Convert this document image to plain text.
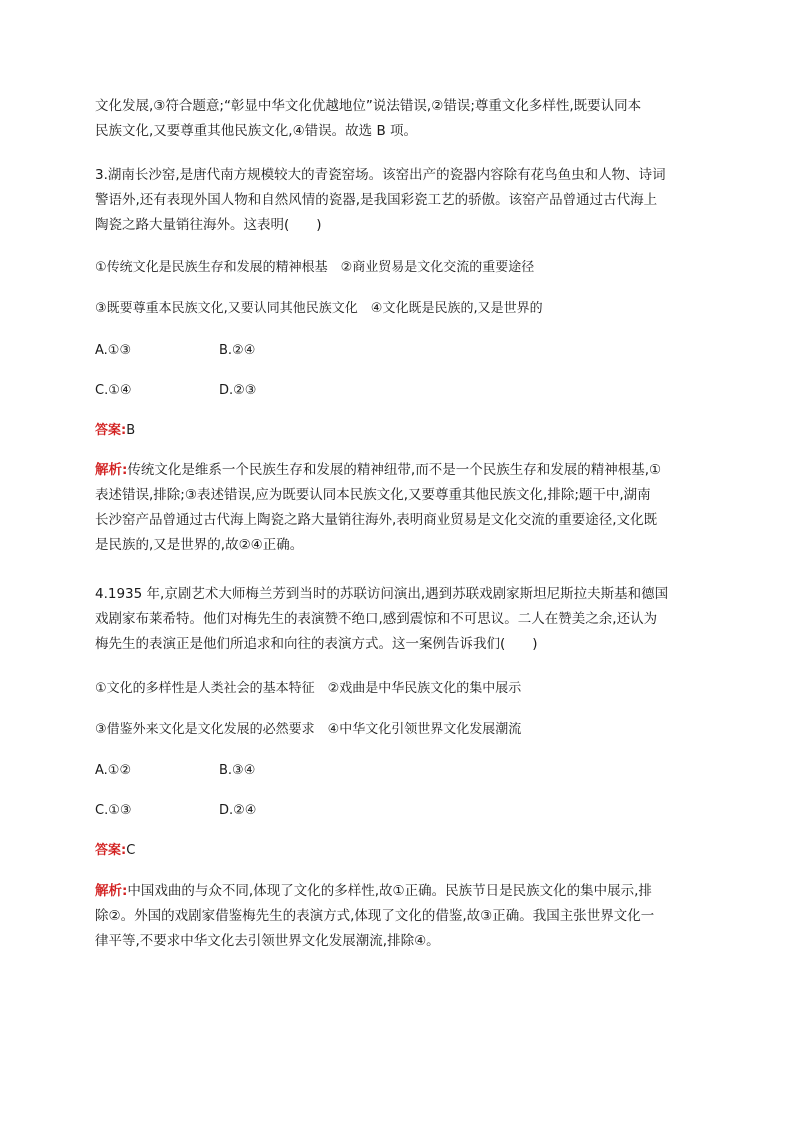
文化发展,③符合题意;“彰显中华文化优越地位”说法错误,②错误;尊重文化多样性,既要认同本
民族文化,又要尊重其他民族文化,④错误。故选 B 项。
3.湖南长沙窑,是唐代南方规模较大的青瓷窑场。该窑出产的瓷器内容除有花鸟鱼虫和人物、诗词
警语外,还有表现外国人物和自然风情的瓷器,是我国彩瓷工艺的骄傲。该窑产品曾通过古代海上
陶瓷之路大量销往海外。这表明(　　)
①传统文化是民族生存和发展的精神根基　②商业贸易是文化交流的重要途径
③既要尊重本民族文化,又要认同其他民族文化　④文化既是民族的,又是世界的
A.①③	B.②④
C.①④	D.②③
答案:B
解析:传统文化是维系一个民族生存和发展的精神纽带,而不是一个民族生存和发展的精神根基,①
表述错误,排除;③表述错误,应为既要认同本民族文化,又要尊重其他民族文化,排除;题干中,湖南
长沙窑产品曾通过古代海上陶瓷之路大量销往海外,表明商业贸易是文化交流的重要途径,文化既
是民族的,又是世界的,故②④正确。
4.1935 年,京剧艺术大师梅兰芳到当时的苏联访问演出,遇到苏联戏剧家斯坦尼斯拉夫斯基和德国
戏剧家布莱希特。他们对梅先生的表演赞不绝口,感到震惊和不可思议。二人在赞美之余,还认为
梅先生的表演正是他们所追求和向往的表演方式。这一案例告诉我们(　　)
①文化的多样性是人类社会的基本特征　②戏曲是中华民族文化的集中展示
③借鉴外来文化是文化发展的必然要求　④中华文化引领世界文化发展潮流
A.①②	B.③④
C.①③	D.②④
答案:C
解析:中国戏曲的与众不同,体现了文化的多样性,故①正确。民族节日是民族文化的集中展示,排
除②。外国的戏剧家借鉴梅先生的表演方式,体现了文化的借鉴,故③正确。我国主张世界文化一
律平等,不要求中华文化去引领世界文化发展潮流,排除④。
